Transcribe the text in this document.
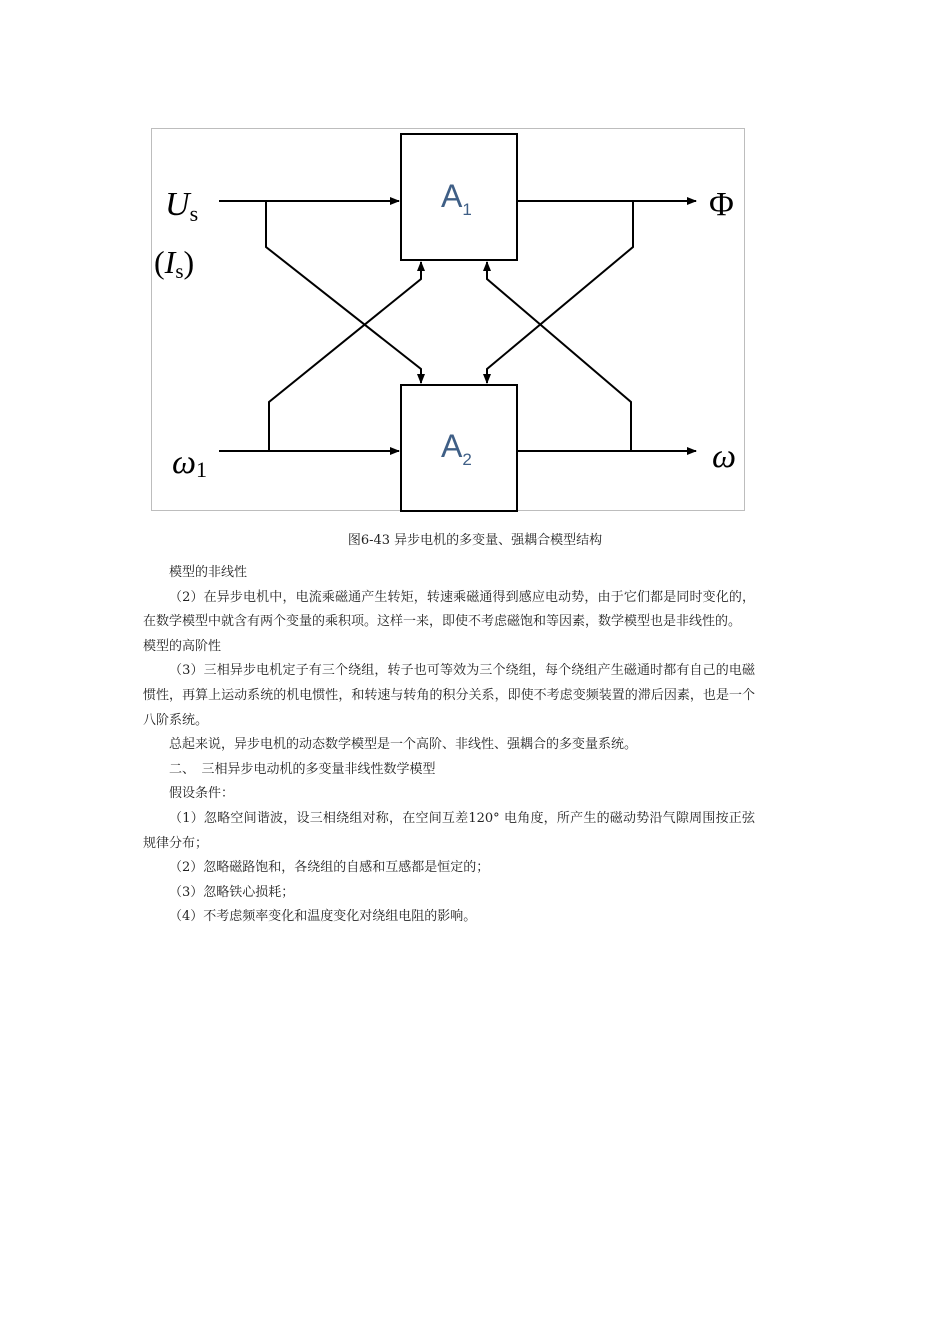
$A_1$
$A_2$
Us
(Is)
ω1
Φ
ω
图6-43 异步电机的多变量、强耦合模型结构

模型的非线性

（2）在异步电机中，电流乘磁通产生转矩，转速乘磁通得到感应电动势，由于它们都是同时变化的，在数学模型中就含有两个变量的乘积项。这样一来，即使不考虑磁饱和等因素，数学模型也是非线性的。

模型的高阶性

（3）三相异步电机定子有三个绕组，转子也可等效为三个绕组，每个绕组产生磁通时都有自己的电磁惯性，再算上运动系统的机电惯性，和转速与转角的积分关系，即使不考虑变频装置的滞后因素，也是一个八阶系统。

总起来说，异步电机的动态数学模型是一个高阶、非线性、强耦合的多变量系统。

二、　三相异步电动机的多变量非线性数学模型

假设条件：

（1）忽略空间谐波，设三相绕组对称，在空间互差120° 电角度，所产生的磁动势沿气隙周围按正弦规律分布；

（2）忽略磁路饱和，各绕组的自感和互感都是恒定的；

（3）忽略铁心损耗；

（4）不考虑频率变化和温度变化对绕组电阻的影响。
